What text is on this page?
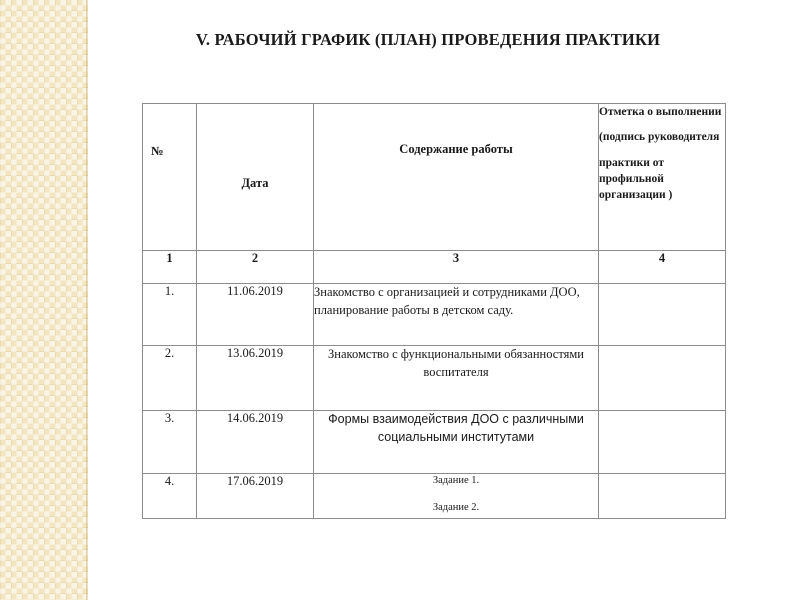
V. РАБОЧИЙ ГРАФИК (ПЛАН) ПРОВЕДЕНИЯ ПРАКТИКИ
№	Дата	Содержание работы	Отметка о выполнении

(подпись руководителя

практики от профильной организации )

1	2	3	4
1.	11.06.2019	Знакомство с организацией и сотрудниками ДОО, планирование работы в детском саду.	
2.	13.06.2019	Знакомство с функциональными обязанностями воспитателя	
3.	14.06.2019	Формы взаимодействия ДОО с различными социальными институтами	
4.	17.06.2019	Задание 1.
Задание 2.	
